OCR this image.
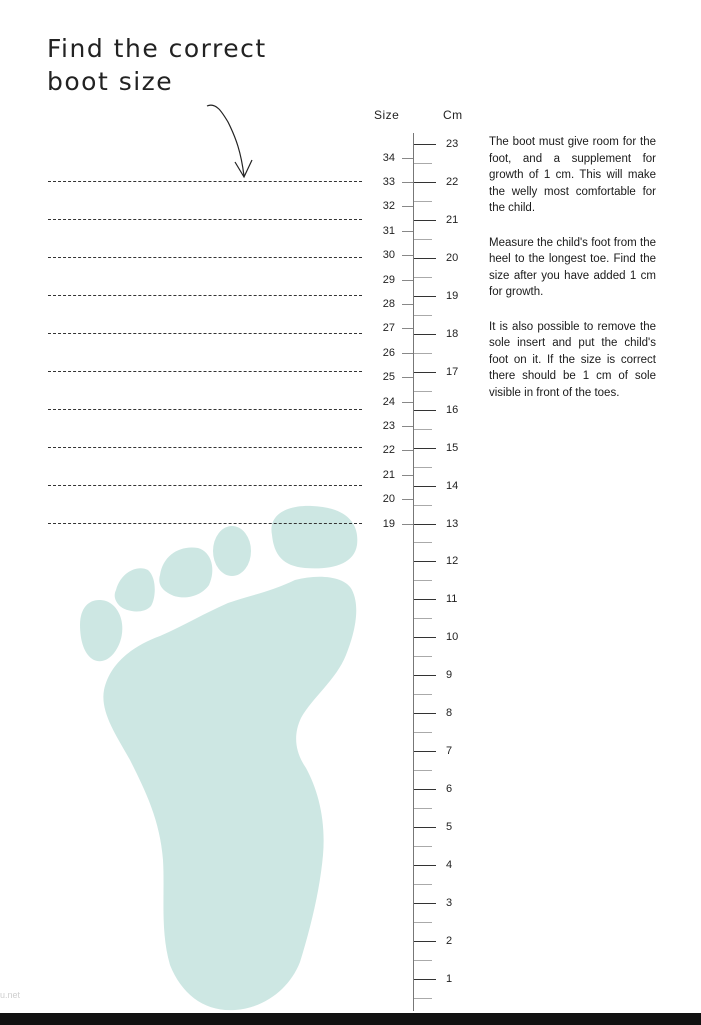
Find the correct
boot size
Size	Cm
23
22
21
20
19
18
17
16
15
14
13
12
11
10
9
8
7
6
5
4
3
2
1
34
33
32
31
30
29
28
27
26
25
24
23
22
21
20
19

The boot must give room for the foot, and a supplement for growth of 1 cm. This will make the welly most comfortable for the child.

Measure the child's foot from the heel to the longest toe. Find the size after you have added 1 cm for growth.

It is also possible to remove the sole insert and put the child's foot on it. If the size is correct there should be 1 cm of sole visible in front of the toes.

u.net
